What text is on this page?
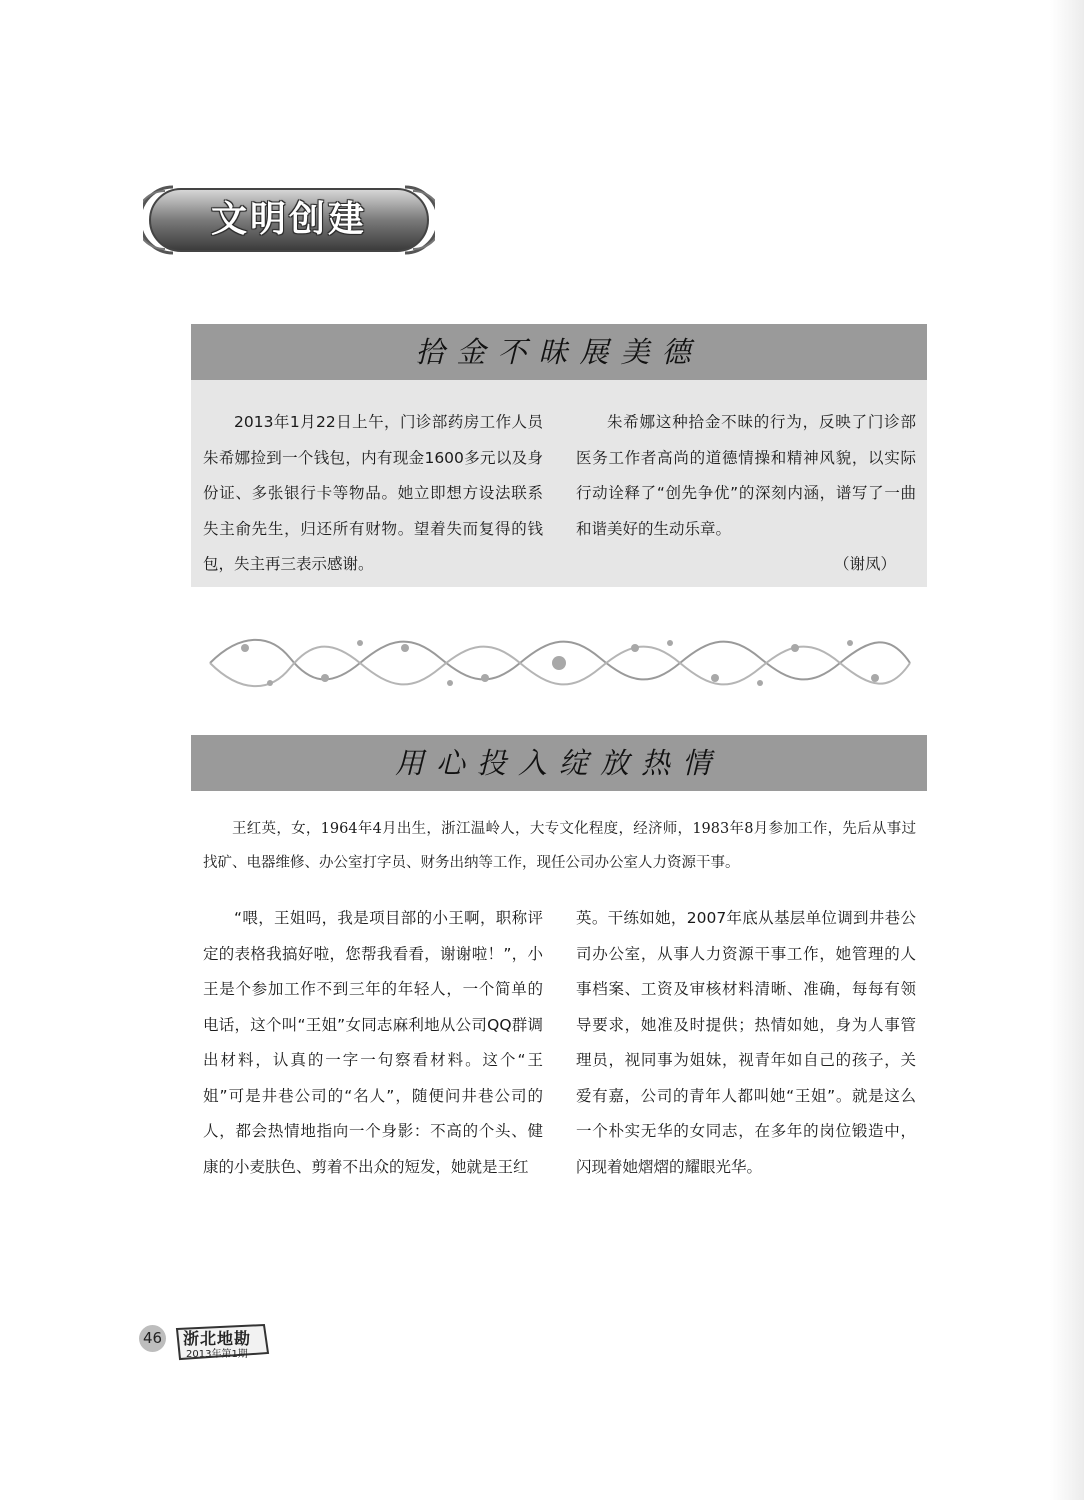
文明创建
拾金不昧展美德

2013年1月22日上午，门诊部药房工作人员朱希娜捡到一个钱包，内有现金1600多元以及身份证、多张银行卡等物品。她立即想方设法联系失主俞先生，归还所有财物。望着失而复得的钱包，失主再三表示感谢。

朱希娜这种拾金不昧的行为，反映了门诊部医务工作者高尚的道德情操和精神风貌，以实际行动诠释了“创先争优”的深刻内涵，谱写了一曲和谐美好的生动乐章。

（谢凤）

用心投入绽放热情

王红英，女，1964年4月出生，浙江温岭人，大专文化程度，经济师，1983年8月参加工作，先后从事过找矿、电器维修、办公室打字员、财务出纳等工作，现任公司办公室人力资源干事。

“喂，王姐吗，我是项目部的小王啊，职称评定的表格我搞好啦，您帮我看看，谢谢啦！”，小王是个参加工作不到三年的年轻人，一个简单的电话，这个叫“王姐”女同志麻利地从公司QQ群调出材料，认真的一字一句察看材料。这个“王姐”可是井巷公司的“名人”，随便问井巷公司的人，都会热情地指向一个身影：不高的个头、健康的小麦肤色、剪着不出众的短发，她就是王红

英。干练如她，2007年底从基层单位调到井巷公司办公室，从事人力资源干事工作，她管理的人事档案、工资及审核材料清晰、准确，每每有领导要求，她准及时提供；热情如她，身为人事管理员，视同事为姐妹，视青年如自己的孩子，关爱有嘉，公司的青年人都叫她“王姐”。就是这么一个朴实无华的女同志，在多年的岗位锻造中，闪现着她熠熠的耀眼光华。

46 浙北地勘
2013年第1期
